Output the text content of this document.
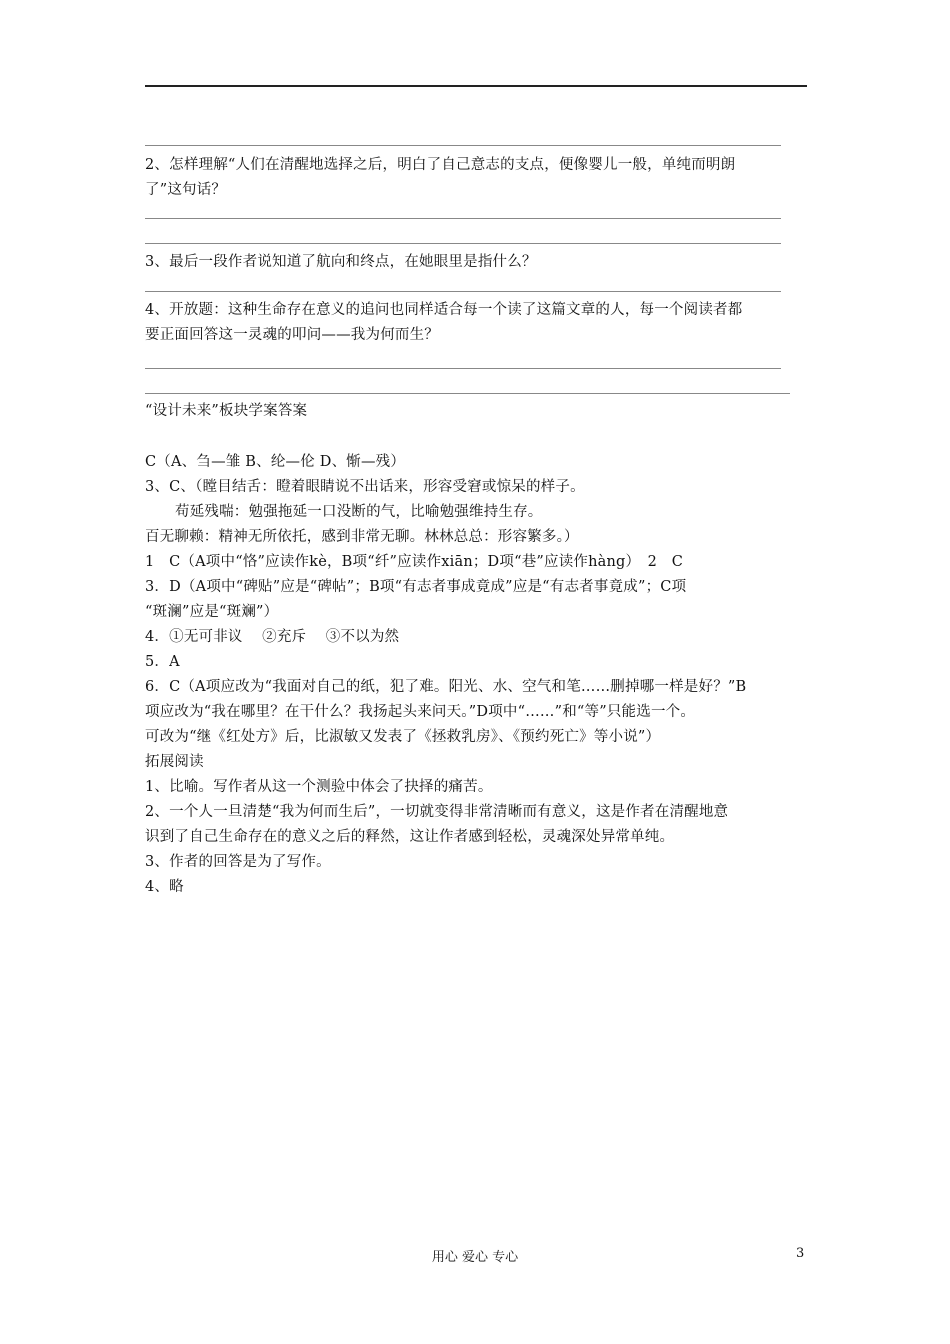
2、怎样理解“人们在清醒地选择之后，明白了自己意志的支点，便像婴儿一般，单纯而明朗
了”这句话？
3、最后一段作者说知道了航向和终点，在她眼里是指什么？
4、开放题：这种生命存在意义的追问也同样适合每一个读了这篇文章的人，每一个阅读者都
要正面回答这一灵魂的叩问——我为何而生？
“设计未来”板块学案答案
C（A、刍—雏 B、纶—伦 D、惭—残）
3、C、（瞠目结舌：瞪着眼睛说不出话来，形容受窘或惊呆的样子。
苟延残喘：勉强拖延一口没断的气，比喻勉强维持生存。
百无聊赖：精神无所依托，感到非常无聊。林林总总：形容繁多。）
1　C（A项中“恪”应读作kè，B项“纤”应读作xiān；D项“巷”应读作hàng）　2　C
3．D（A项中“碑贴”应是“碑帖”；B项“有志者事成竟成”应是“有志者事竟成”；C项
“斑澜”应是“斑斓”）
4．①无可非议　 ②充斥　 ③不以为然
5．A
6．C（A项应改为“我面对自己的纸，犯了难。阳光、水、空气和笔……删掉哪一样是好？”B
项应改为“我在哪里？在干什么？我扬起头来问天。”D项中“……”和“等”只能选一个。
可改为“继《红处方》后，比淑敏又发表了《拯救乳房》、《预约死亡》等小说”）
拓展阅读
1、比喻。写作者从这一个测验中体会了抉择的痛苦。
2、一个人一旦清楚“我为何而生后”，一切就变得非常清晰而有意义，这是作者在清醒地意
识到了自己生命存在的意义之后的释然，这让作者感到轻松，灵魂深处异常单纯。
3、作者的回答是为了写作。
4、略
用心 爱心 专心	3
